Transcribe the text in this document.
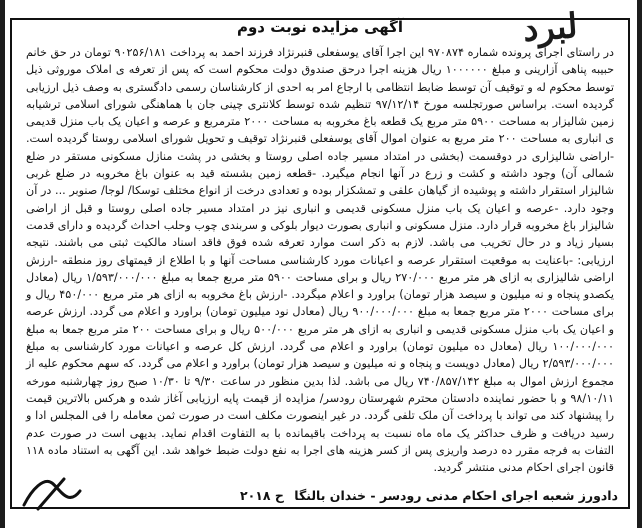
آگهی مزایده نوبت دوم	لبرد

در راستای اجرای پرونده شماره ۹۷۰۸۷۴ این اجرا آقای یوسفعلی قنبرنژاد فرزند احمد به پرداخت ۹۰۲۵۶/۱۸۱ تومان در حق خانم حبیبه پناهی آزارینی و مبلغ ۱۰۰۰۰۰۰ ریال هزینه اجرا درحق صندوق دولت محکوم است که پس از تعرفه ی املاک موروثی ذیل توسط محکوم له و توقیف آن توسط ضابط انتظامی با ارجاع امر به احدی از کارشناسان رسمی دادگستری به وصف ذیل ارزیابی گردیده است. براساس صورتجلسه مورخ ۹۷/۱۲/۱۴ تنظیم شده توسط کلانتری چینی جان با هماهنگی شورای اسلامی ترشیابه زمین شالیزار به مساحت ۵۹۰۰ متر مربع یک قطعه باغ مخروبه به مساحت ۲۰۰۰ مترمربع و عرصه و اعیان یک باب منزل قدیمی ی انباری به مساحت ۲۰۰ متر مربع به عنوان اموال آقای یوسفعلی قنبرنژاد توقیف و تحویل شورای اسلامی روستا گردیده است. -اراضی شالیزاری در دوقسمت (بخشی در امتداد مسیر جاده اصلی روستا و بخشی در پشت منازل مسکونی مستقر در ضلع شمالی آن) وجود داشته و کشت و زرع در آنها انجام میگیرد. -قطعه زمین بشسته قید به عنوان باغ مخروبه در ضلع غربی شالیزار استقرار داشته و پوشیده از گیاهان علفی و تمشکزار بوده و تعدادی درخت از انواع مختلف توسکا/ لوجا/ صنوبر ... در آن وجود دارد. -عرصه و اعیان یک باب منزل مسکونی قدیمی و انباری نیز در امتداد مسیر جاده اصلی روستا و قبل از اراضی شالیزار باغ مخروبه قرار دارد. منزل مسکونی و انباری بصورت دیوار بلوکی و سربندی چوب وحلب احداث گردیده و دارای قدمت بسیار زیاد و در حال تخریب می باشد. لازم به ذکر است موارد تعرفه شده فوق فاقد اسناد مالکیت ثبتی می باشند. نتیجه ارزیابی: -باعنایت به موقعیت استقرار عرصه و اعیانات مورد کارشناسی مساحت آنها و با اطلاع از قیمتهای روز منطقه -ارزش اراضی شالیزاری به ازای هر متر مربع ۲۷۰/۰۰۰ ریال و برای مساحت ۵۹۰۰ متر مربع جمعا به مبلغ ۱/۵۹۳/۰۰۰/۰۰۰ ریال (معادل یکصدو پنجاه و نه میلیون و سیصد هزار تومان) براورد و اعلام میگردد. -ارزش باغ مخروبه به ازای هر متر مربع ۴۵۰/۰۰۰ ریال و برای مساحت ۲۰۰۰ متر مربع جمعا به مبلغ ۹۰۰/۰۰۰/۰۰۰ ریال (معادل نود میلیون تومان) براورد و اعلام می گردد. ارزش عرصه و اعیان یک باب منزل مسکونی قدیمی و انباری به ازای هر متر مربع ۵۰۰/۰۰۰ ریال و برای مساحت ۲۰۰ متر مربع جمعا به مبلغ ۱۰۰/۰۰۰/۰۰۰ ریال (معادل ده میلیون تومان) براورد و اعلام می گردد. ارزش کل عرصه و اعیانات مورد کارشناسی به مبلغ ۲/۵۹۳/۰۰۰/۰۰۰ ریال (معادل دویست و پنجاه و نه میلیون و سیصد هزار تومان) براورد و اعلام می گردد. که سهم محکوم علیه از مجموع ارزش اموال به مبلغ ۷۴۰/۸۵۷/۱۴۲ ریال می باشد. لذا بدین منظور در ساعت ۹/۳۰ تا ۱۰/۳۰ صبح روز چهارشنبه مورخه ۹۸/۱۰/۱۱ و با حضور نماینده دادستان محترم شهرستان رودسر/ مزایده از قیمت پایه ارزیابی آغاز شده و هرکس بالاترین قیمت را پیشنهاد کند می تواند با پرداخت آن ملک تلفی گردد. در غیر اینصورت مکلف است در صورت ثمن معامله را فی المجلس ادا و رسید دریافت و ظرف حداکثر یک ماه ماه نسبت به پرداخت باقیمانده با به التفاوت اقدام نماید. بدیهی است در صورت عدم التفات به فرجه مقرر ده درصد واریزی پس از کسر هزینه های اجرا به نفع دولت ضبط خواهد شد. این آگهی به استناد ماده ۱۱۸ قانون اجرای احکام مدنی منتشر گردید.

دادورز شعبه اجرای احکام مدنی رودسر - خندان بالنگا ح ۲۰۱۸
